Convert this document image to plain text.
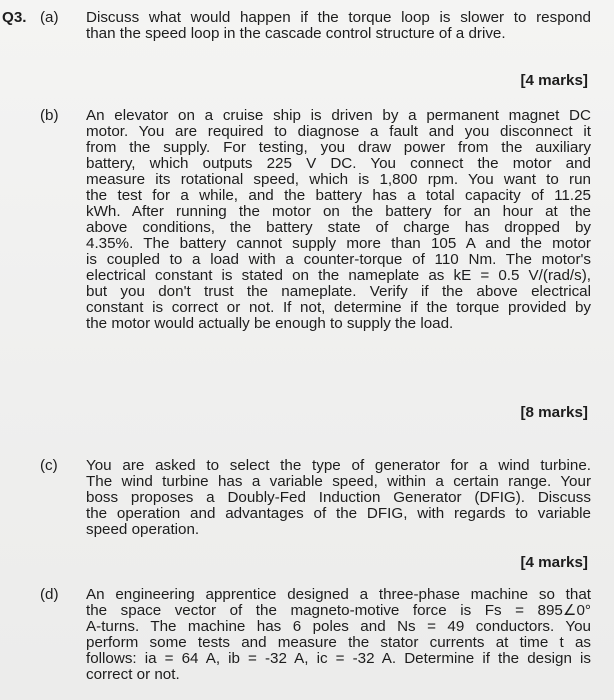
Q3. (a) Discuss what would happen if the torque loop is slower to respond
than the speed loop in the cascade control structure of a drive.
[4 marks]
(b) An elevator on a cruise ship is driven by a permanent magnet DC
motor. You are required to diagnose a fault and you disconnect it
from the supply. For testing, you draw power from the auxiliary
battery, which outputs 225 V DC. You connect the motor and
measure its rotational speed, which is 1,800 rpm. You want to run
the test for a while, and the battery has a total capacity of 11.25
kWh. After running the motor on the battery for an hour at the
above conditions, the battery state of charge has dropped by
4.35%. The battery cannot supply more than 105 A and the motor
is coupled to a load with a counter-torque of 110 Nm. The motor's
electrical constant is stated on the nameplate as kE = 0.5 V/(rad/s),
but you don't trust the nameplate. Verify if the above electrical
constant is correct or not. If not, determine if the torque provided by
the motor would actually be enough to supply the load.
[8 marks]
(c) You are asked to select the type of generator for a wind turbine.
The wind turbine has a variable speed, within a certain range. Your
boss proposes a Doubly-Fed Induction Generator (DFIG). Discuss
the operation and advantages of the DFIG, with regards to variable
speed operation.
[4 marks]
(d) An engineering apprentice designed a three-phase machine so that
the space vector of the magneto-motive force is Fs = 895∠0°
A-turns. The machine has 6 poles and Ns = 49 conductors. You
perform some tests and measure the stator currents at time t as
follows: ia = 64 A, ib = -32 A, ic = -32 A. Determine if the design is
correct or not.
